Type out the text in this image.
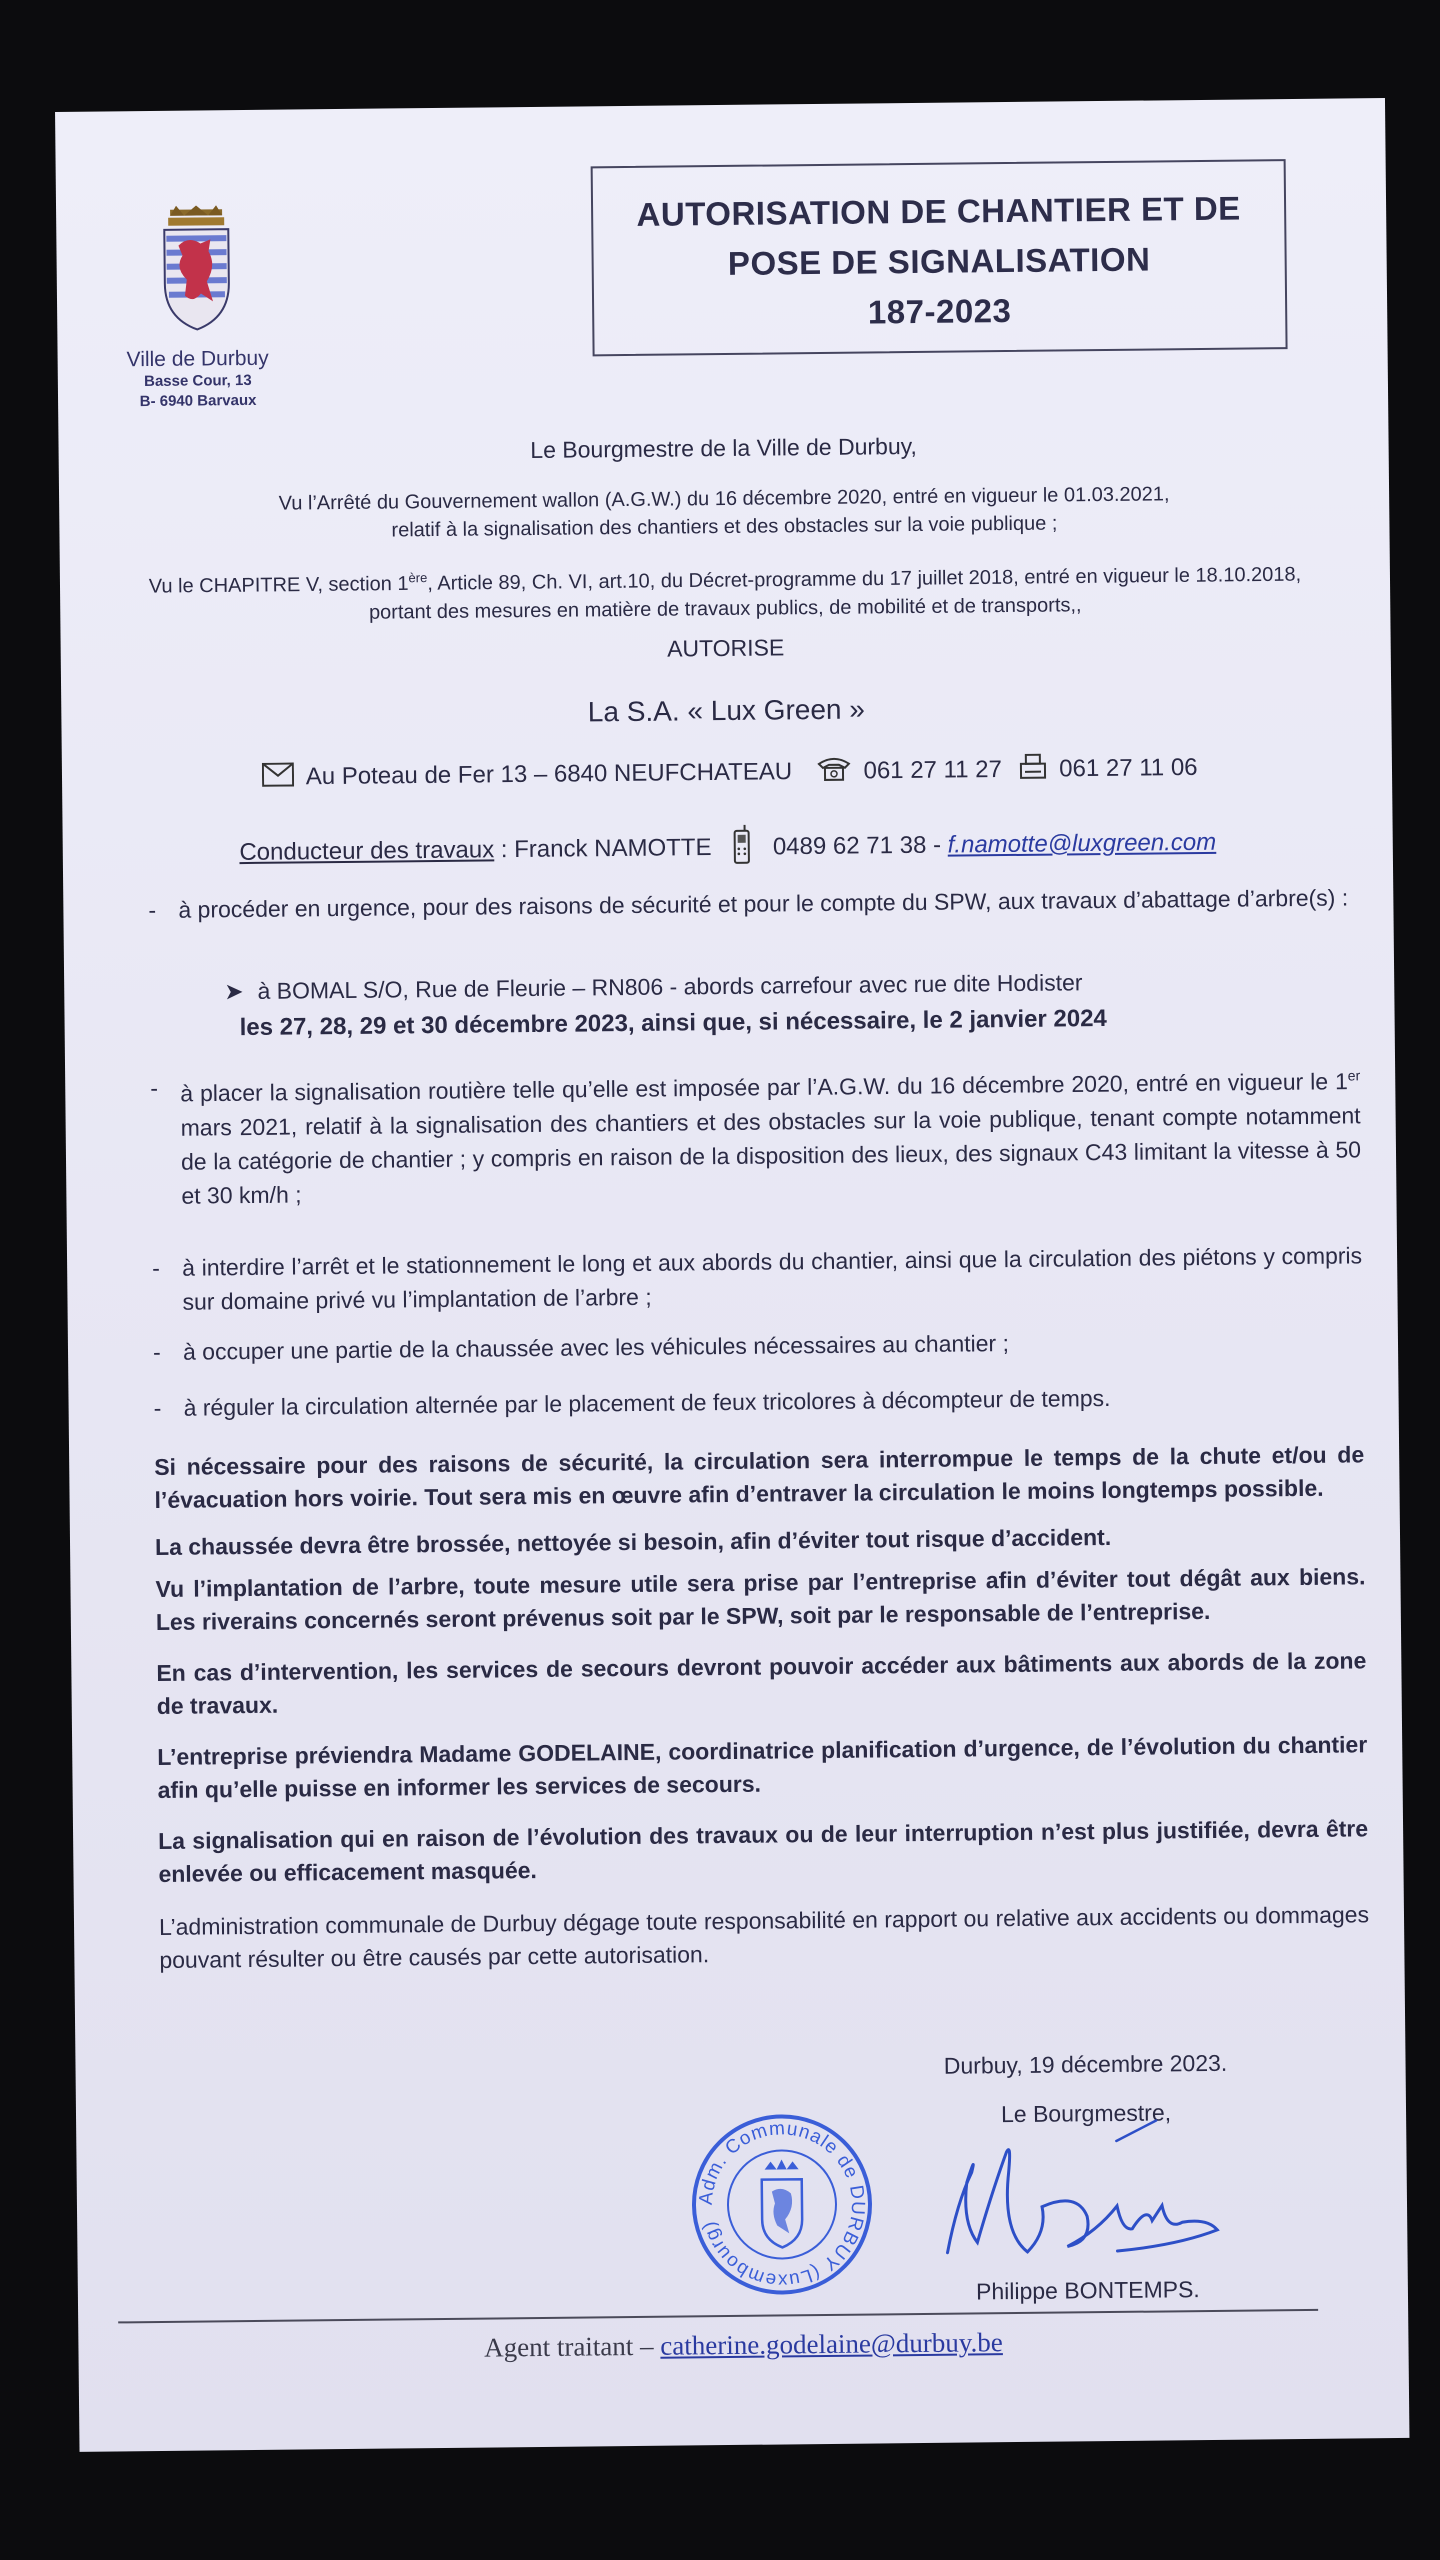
Ville de Durbuy
Basse Cour, 13
B- 6940 Barvaux
AUTORISATION DE CHANTIER ET DE
POSE DE SIGNALISATION
187-2023
Le Bourgmestre de la Ville de Durbuy,
Vu l’Arrêté du Gouvernement wallon (A.G.W.) du 16 décembre 2020, entré en vigueur le 01.03.2021,
relatif à la signalisation des chantiers et des obstacles sur la voie publique ;
Vu le CHAPITRE V, section 1ère, Article 89, Ch. VI, art.10, du Décret-programme du 17 juillet 2018, entré en vigueur le 18.10.2018,
portant des mesures en matière de travaux publics, de mobilité et de transports,,
AUTORISE
La S.A. « Lux Green »
Au Poteau de Fer 13 – 6840 NEUFCHATEAU	061 27 11 27 061 27 11 06
Conducteur des travaux : Franck NAMOTTE	0489 62 71 38 - f.namotte@luxgreen.com
- à procéder en urgence, pour des raisons de sécurité et pour le compte du SPW, aux travaux d’abattage d’arbre(s) :
➤ à BOMAL S/O, Rue de Fleurie – RN806 - abords carrefour avec rue dite Hodister
les 27, 28, 29 et 30 décembre 2023, ainsi que, si nécessaire, le 2 janvier 2024
- à placer la signalisation routière telle qu’elle est imposée par l’A.G.W. du 16 décembre 2020, entré en vigueur le 1er mars 2021, relatif à la signalisation des chantiers et des obstacles sur la voie publique, tenant compte notamment de la catégorie de chantier ; y compris en raison de la disposition des lieux, des signaux C43 limitant la vitesse à 50 et 30 km/h ;
- à interdire l’arrêt et le stationnement le long et aux abords du chantier, ainsi que la circulation des piétons y compris sur domaine privé vu l’implantation de l’arbre ;
- à occuper une partie de la chaussée avec les véhicules nécessaires au chantier ;
- à réguler la circulation alternée par le placement de feux tricolores à décompteur de temps.
Si nécessaire pour des raisons de sécurité, la circulation sera interrompue le temps de la chute et/ou de l’évacuation hors voirie. Tout sera mis en œuvre afin d’entraver la circulation le moins longtemps possible.
La chaussée devra être brossée, nettoyée si besoin, afin d’éviter tout risque d’accident.
Vu l’implantation de l’arbre, toute mesure utile sera prise par l’entreprise afin d’éviter tout dégât aux biens. Les riverains concernés seront prévenus soit par le SPW, soit par le responsable de l’entreprise.
En cas d’intervention, les services de secours devront pouvoir accéder aux bâtiments aux abords de la zone de travaux.
L’entreprise préviendra Madame GODELAINE, coordinatrice planification d’urgence, de l’évolution du chantier afin qu’elle puisse en informer les services de secours.
La signalisation qui en raison de l’évolution des travaux ou de leur interruption n’est plus justifiée, devra être enlevée ou efficacement masquée.
L’administration communale de Durbuy dégage toute responsabilité en rapport ou relative aux accidents ou dommages pouvant résulter ou être causés par cette autorisation.
Adm. Communale de DURBUY (Luxembourg)
Durbuy, 19 décembre 2023.
Le Bourgmestre,
Philippe BONTEMPS.
Agent traitant – catherine.godelaine@durbuy.be
